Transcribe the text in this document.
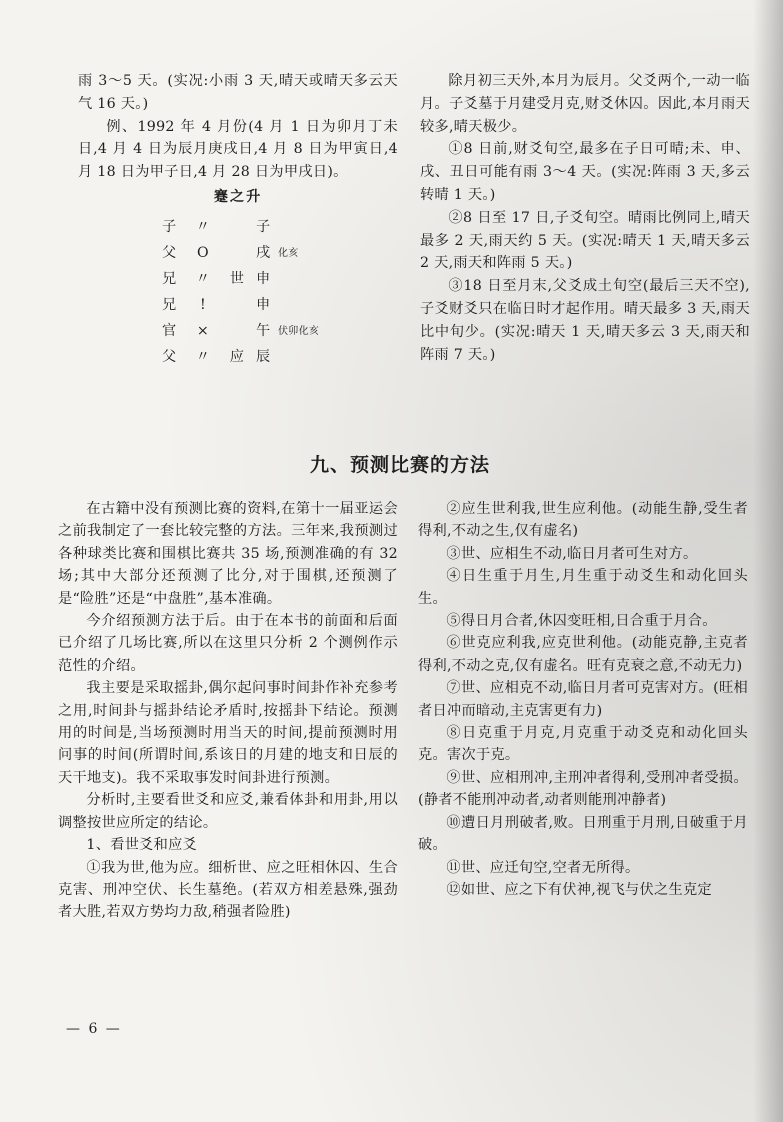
雨 3～5 天。(实况:小雨 3 天,晴天或晴天多云天气 16 天。)

例、1992 年 4 月份(4 月 1 日为卯月丁未日,4 月 4 日为辰月庚戌日,4 月 8 日为甲寅日,4 月 18 日为甲子日,4 月 28 日为甲戌日)。

蹇之升
子	〃	子
父	O	戌 化亥
兄	〃	世 申
兄	!	申
官	×	午 伏卯化亥
父	〃	应 辰

除月初三天外,本月为辰月。父爻两个,一动一临月。子爻墓于月建受月克,财爻休囚。因此,本月雨天较多,晴天极少。

①8 日前,财爻旬空,最多在子日可晴;未、申、戌、丑日可能有雨 3～4 天。(实况:阵雨 3 天,多云转晴 1 天。)

②8 日至 17 日,子爻旬空。晴雨比例同上,晴天最多 2 天,雨天约 5 天。(实况:晴天 1 天,晴天多云 2 天,雨天和阵雨 5 天。)

③18 日至月末,父爻成土旬空(最后三天不空),子爻财爻只在临日时才起作用。晴天最多 3 天,雨天比中旬少。(实况:晴天 1 天,晴天多云 3 天,雨天和阵雨 7 天。)

九、预测比赛的方法

在古籍中没有预测比赛的资料,在第十一届亚运会之前我制定了一套比较完整的方法。三年来,我预测过各种球类比赛和围棋比赛共 35 场,预测准确的有 32 场;其中大部分还预测了比分,对于围棋,还预测了是“险胜”还是“中盘胜”,基本准确。

今介绍预测方法于后。由于在本书的前面和后面已介绍了几场比赛,所以在这里只分析 2 个测例作示范性的介绍。

我主要是采取摇卦,偶尔起问事时间卦作补充参考之用,时间卦与摇卦结论矛盾时,按摇卦下结论。预测用的时间是,当场预测时用当天的时间,提前预测时用问事的时间(所谓时间,系该日的月建的地支和日辰的天干地支)。我不采取事发时间卦进行预测。

分析时,主要看世爻和应爻,兼看体卦和用卦,用以调整按世应所定的结论。

1、看世爻和应爻

①我为世,他为应。细析世、应之旺相休囚、生合克害、刑冲空伏、长生墓绝。(若双方相差悬殊,强劲者大胜,若双方势均力敌,稍强者险胜)

②应生世利我,世生应利他。(动能生静,受生者得利,不动之生,仅有虚名)

③世、应相生不动,临日月者可生对方。

④日生重于月生,月生重于动爻生和动化回头生。

⑤得日月合者,休囚变旺相,日合重于月合。

⑥世克应利我,应克世利他。(动能克静,主克者得利,不动之克,仅有虚名。旺有克衰之意,不动无力)

⑦世、应相克不动,临日月者可克害对方。(旺相者日冲而暗动,主克害更有力)

⑧日克重于月克,月克重于动爻克和动化回头克。害次于克。

⑨世、应相刑冲,主刑冲者得利,受刑冲者受损。(静者不能刑冲动者,动者则能刑冲静者)

⑩遭日月刑破者,败。日刑重于月刑,日破重于月破。

⑪世、应迁旬空,空者无所得。

⑫如世、应之下有伏神,视飞与伏之生克定

— 6 —
